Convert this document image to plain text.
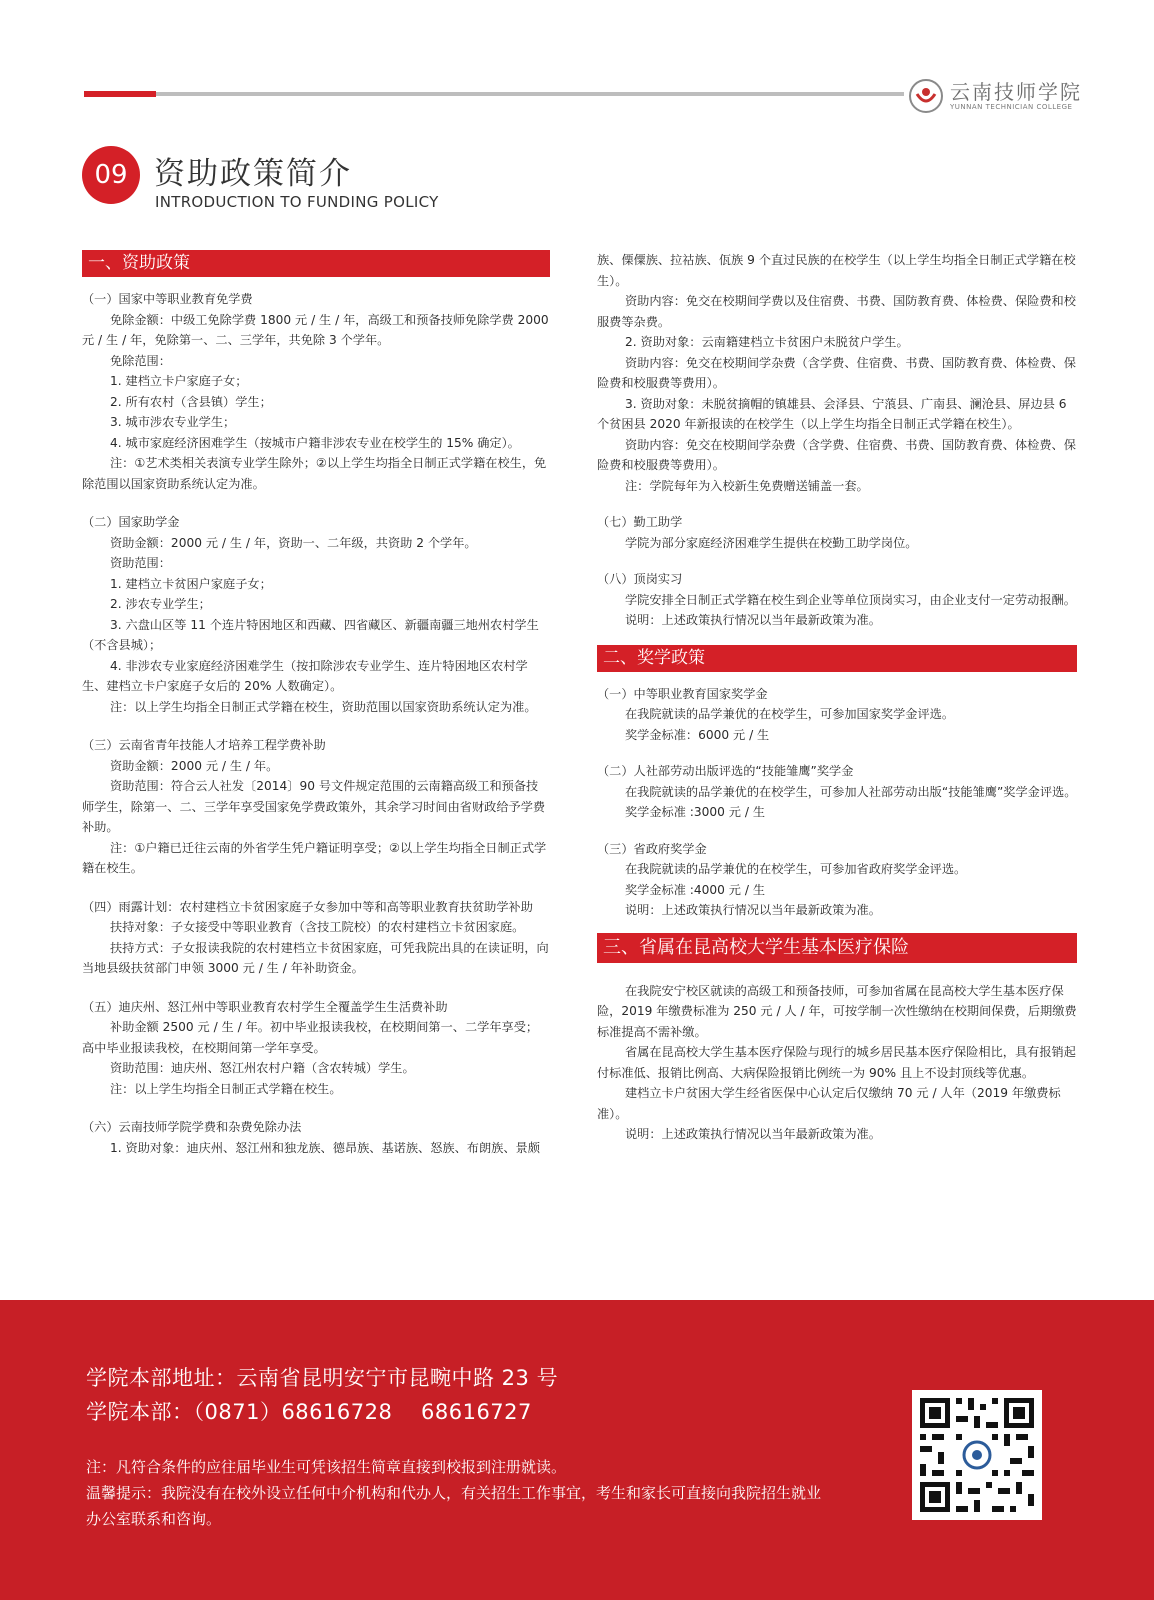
云南技师学院
YUNNAN TECHNICIAN COLLEGE
09 资助政策简介
INTRODUCTION TO FUNDING POLICY
一、资助政策

（一）国家中等职业教育免学费

免除金额：中级工免除学费 1800 元 / 生 / 年，高级工和预备技师免除学费 2000 元 / 生 / 年，免除第一、二、三学年，共免除 3 个学年。

免除范围：

1. 建档立卡户家庭子女；

2. 所有农村（含县镇）学生；

3. 城市涉农专业学生；

4. 城市家庭经济困难学生（按城市户籍非涉农专业在校学生的 15% 确定）。

注：①艺术类相关表演专业学生除外；②以上学生均指全日制正式学籍在校生，免除范围以国家资助系统认定为准。

（二）国家助学金

资助金额：2000 元 / 生 / 年，资助一、二年级，共资助 2 个学年。

资助范围：

1. 建档立卡贫困户家庭子女；

2. 涉农专业学生；

3. 六盘山区等 11 个连片特困地区和西藏、四省藏区、新疆南疆三地州农村学生（不含县城）；

4. 非涉农专业家庭经济困难学生（按扣除涉农专业学生、连片特困地区农村学生、建档立卡户家庭子女后的 20% 人数确定）。

注：以上学生均指全日制正式学籍在校生，资助范围以国家资助系统认定为准。

（三）云南省青年技能人才培养工程学费补助

资助金额：2000 元 / 生 / 年。

资助范围：符合云人社发〔2014〕90 号文件规定范围的云南籍高级工和预备技师学生，除第一、二、三学年享受国家免学费政策外，其余学习时间由省财政给予学费补助。

注：①户籍已迁往云南的外省学生凭户籍证明享受；②以上学生均指全日制正式学籍在校生。

（四）雨露计划：农村建档立卡贫困家庭子女参加中等和高等职业教育扶贫助学补助

扶持对象：子女接受中等职业教育（含技工院校）的农村建档立卡贫困家庭。

扶持方式：子女报读我院的农村建档立卡贫困家庭，可凭我院出具的在读证明，向当地县级扶贫部门申领 3000 元 / 生 / 年补助资金。

（五）迪庆州、怒江州中等职业教育农村学生全覆盖学生生活费补助

补助金额 2500 元 / 生 / 年。初中毕业报读我校，在校期间第一、二学年享受；高中毕业报读我校，在校期间第一学年享受。

资助范围：迪庆州、怒江州农村户籍（含农转城）学生。

注：以上学生均指全日制正式学籍在校生。

（六）云南技师学院学费和杂费免除办法

1. 资助对象：迪庆州、怒江州和独龙族、德昂族、基诺族、怒族、布朗族、景颇

族、傈僳族、拉祜族、佤族 9 个直过民族的在校学生（以上学生均指全日制正式学籍在校生）。

资助内容：免交在校期间学费以及住宿费、书费、国防教育费、体检费、保险费和校服费等杂费。

2. 资助对象：云南籍建档立卡贫困户未脱贫户学生。

资助内容：免交在校期间学杂费（含学费、住宿费、书费、国防教育费、体检费、保险费和校服费等费用）。

3. 资助对象：未脱贫摘帽的镇雄县、会泽县、宁蒗县、广南县、澜沧县、屏边县 6 个贫困县 2020 年新报读的在校学生（以上学生均指全日制正式学籍在校生）。

资助内容：免交在校期间学杂费（含学费、住宿费、书费、国防教育费、体检费、保险费和校服费等费用）。

注：学院每年为入校新生免费赠送铺盖一套。

（七）勤工助学

学院为部分家庭经济困难学生提供在校勤工助学岗位。

（八）顶岗实习

学院安排全日制正式学籍在校生到企业等单位顶岗实习，由企业支付一定劳动报酬。

说明：上述政策执行情况以当年最新政策为准。

二、奖学政策

（一）中等职业教育国家奖学金

在我院就读的品学兼优的在校学生，可参加国家奖学金评选。

奖学金标准：6000 元 / 生

（二）人社部劳动出版评选的“技能雏鹰”奖学金

在我院就读的品学兼优的在校学生，可参加人社部劳动出版“技能雏鹰”奖学金评选。

奖学金标准 :3000 元 / 生

（三）省政府奖学金

在我院就读的品学兼优的在校学生，可参加省政府奖学金评选。

奖学金标准 :4000 元 / 生

说明：上述政策执行情况以当年最新政策为准。

三、省属在昆高校大学生基本医疗保险

在我院安宁校区就读的高级工和预备技师，可参加省属在昆高校大学生基本医疗保险，2019 年缴费标准为 250 元 / 人 / 年，可按学制一次性缴纳在校期间保费，后期缴费标准提高不需补缴。

省属在昆高校大学生基本医疗保险与现行的城乡居民基本医疗保险相比，具有报销起付标准低、报销比例高、大病保险报销比例统一为 90% 且上不设封顶线等优惠。

建档立卡户贫困大学生经省医保中心认定后仅缴纳 70 元 / 人年（2019 年缴费标准）。

说明：上述政策执行情况以当年最新政策为准。

学院本部地址：云南省昆明安宁市昆畹中路 23 号
学院本部：（0871）68616728　 68616727
注：凡符合条件的应往届毕业生可凭该招生简章直接到校报到注册就读。
温馨提示：我院没有在校外设立任何中介机构和代办人，有关招生工作事宜，考生和家长可直接向我院招生就业办公室联系和咨询。
